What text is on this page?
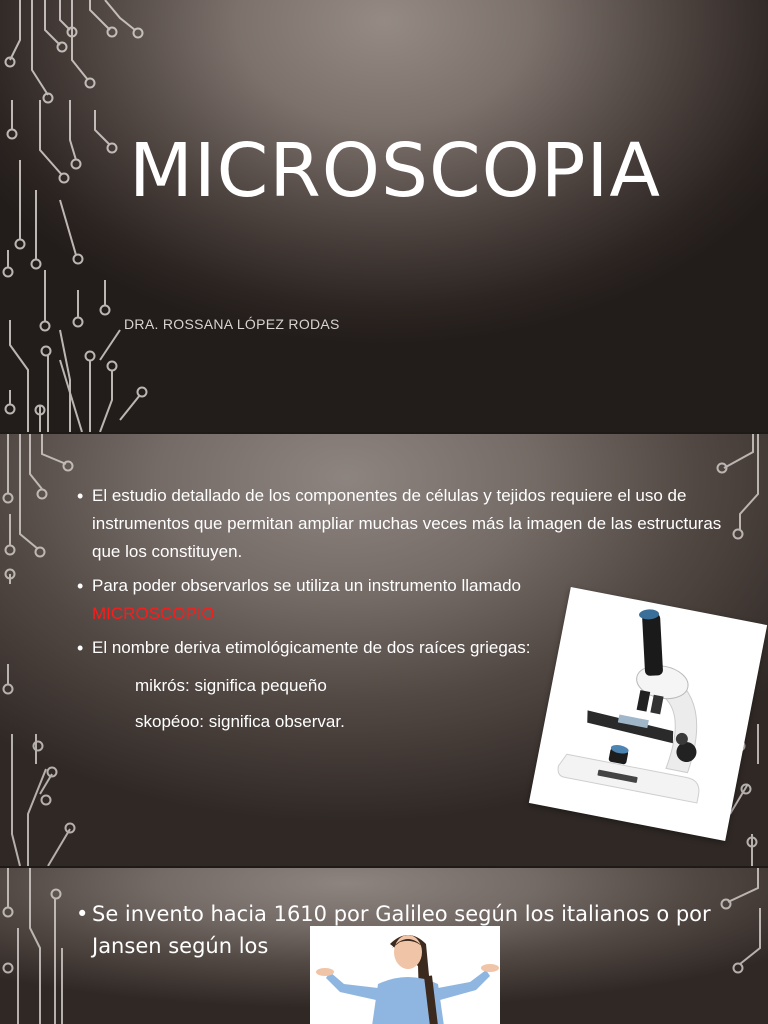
MICROSCOPIA
DRA. ROSSANA LÓPEZ RODAS
• El estudio detallado de los componentes de células y tejidos requiere el uso de instrumentos que permitan ampliar muchas veces más la imagen de las estructuras que los constituyen.
• Para poder observarlos se utiliza un instrumento llamado
MICROSCOPIO
• El nombre deriva etimológicamente de dos raíces griegas:
mikrós: significa pequeño
skopéoo: significa observar.
• Se invento hacia 1610 por Galileo según los italianos o por Jansen según los
